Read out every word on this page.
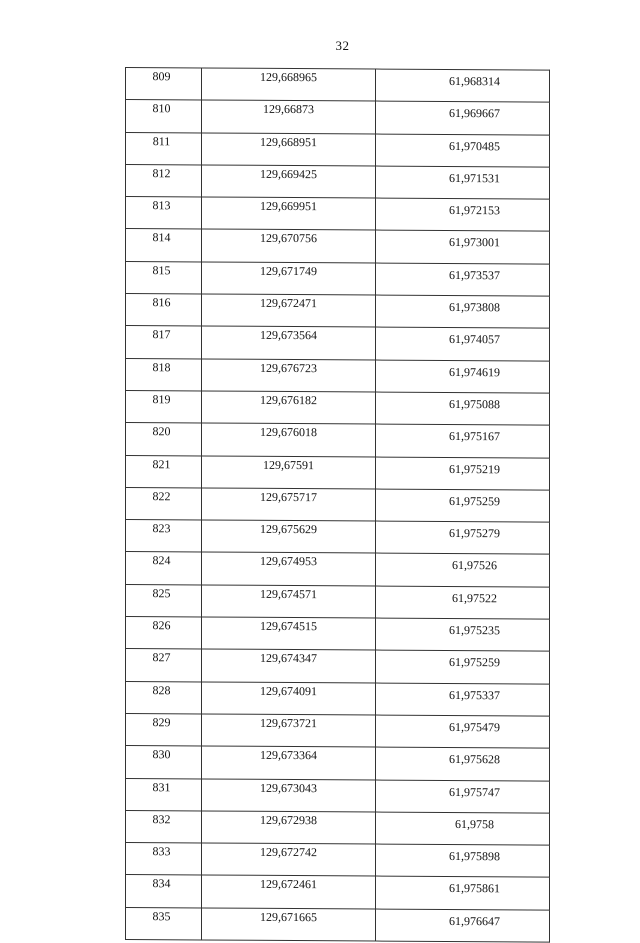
32
809	129,668965	61,968314
810	129,66873	61,969667
811	129,668951	61,970485
812	129,669425	61,971531
813	129,669951	61,972153
814	129,670756	61,973001
815	129,671749	61,973537
816	129,672471	61,973808
817	129,673564	61,974057
818	129,676723	61,974619
819	129,676182	61,975088
820	129,676018	61,975167
821	129,67591	61,975219
822	129,675717	61,975259
823	129,675629	61,975279
824	129,674953	61,97526
825	129,674571	61,97522
826	129,674515	61,975235
827	129,674347	61,975259
828	129,674091	61,975337
829	129,673721	61,975479
830	129,673364	61,975628
831	129,673043	61,975747
832	129,672938	61,9758
833	129,672742	61,975898
834	129,672461	61,975861
835	129,671665	61,976647
